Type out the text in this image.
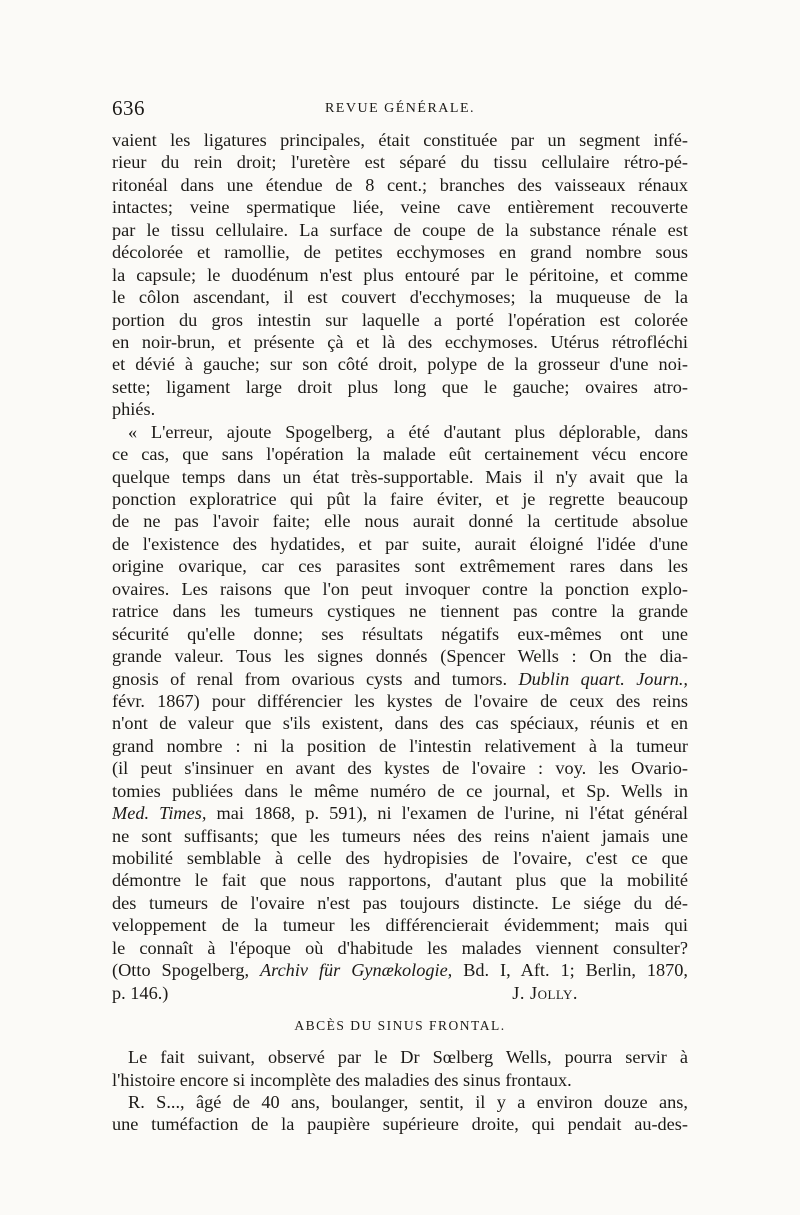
636	REVUE GÉNÉRALE.
vaient les ligatures principales, était constituée par un segment infé-
rieur du rein droit; l'uretère est séparé du tissu cellulaire rétro-pé-
ritonéal dans une étendue de 8 cent.; branches des vaisseaux rénaux
intactes; veine spermatique liée, veine cave entièrement recouverte
par le tissu cellulaire. La surface de coupe de la substance rénale est
décolorée et ramollie, de petites ecchymoses en grand nombre sous
la capsule; le duodénum n'est plus entouré par le péritoine, et comme
le côlon ascendant, il est couvert d'ecchymoses; la muqueuse de la
portion du gros intestin sur laquelle a porté l'opération est colorée
en noir-brun, et présente çà et là des ecchymoses. Utérus rétrofléchi
et dévié à gauche; sur son côté droit, polype de la grosseur d'une noi-
sette; ligament large droit plus long que le gauche; ovaires atro-
phiés.
« L'erreur, ajoute Spogelberg, a été d'autant plus déplorable, dans
ce cas, que sans l'opération la malade eût certainement vécu encore
quelque temps dans un état très-supportable. Mais il n'y avait que la
ponction exploratrice qui pût la faire éviter, et je regrette beaucoup
de ne pas l'avoir faite; elle nous aurait donné la certitude absolue
de l'existence des hydatides, et par suite, aurait éloigné l'idée d'une
origine ovarique, car ces parasites sont extrêmement rares dans les
ovaires. Les raisons que l'on peut invoquer contre la ponction explo-
ratrice dans les tumeurs cystiques ne tiennent pas contre la grande
sécurité qu'elle donne; ses résultats négatifs eux-mêmes ont une
grande valeur. Tous les signes donnés (Spencer Wells : On the dia-
gnosis of renal from ovarious cysts and tumors. Dublin quart. Journ.,
févr. 1867) pour différencier les kystes de l'ovaire de ceux des reins
n'ont de valeur que s'ils existent, dans des cas spéciaux, réunis et en
grand nombre : ni la position de l'intestin relativement à la tumeur
(il peut s'insinuer en avant des kystes de l'ovaire : voy. les Ovario-
tomies publiées dans le même numéro de ce journal, et Sp. Wells in
Med. Times, mai 1868, p. 591), ni l'examen de l'urine, ni l'état général
ne sont suffisants; que les tumeurs nées des reins n'aient jamais une
mobilité semblable à celle des hydropisies de l'ovaire, c'est ce que
démontre le fait que nous rapportons, d'autant plus que la mobilité
des tumeurs de l'ovaire n'est pas toujours distincte. Le siége du dé-
veloppement de la tumeur les différencierait évidemment; mais qui
le connaît à l'époque où d'habitude les malades viennent consulter?
(Otto Spogelberg, Archiv für Gynækologie, Bd. I, Aft. 1; Berlin, 1870,
p. 146.)	J. Jolly.
ABCÈS DU SINUS FRONTAL.
Le fait suivant, observé par le Dr Sœlberg Wells, pourra servir à
l'histoire encore si incomplète des maladies des sinus frontaux.
R. S..., âgé de 40 ans, boulanger, sentit, il y a environ douze ans,
une tuméfaction de la paupière supérieure droite, qui pendait au-des-
